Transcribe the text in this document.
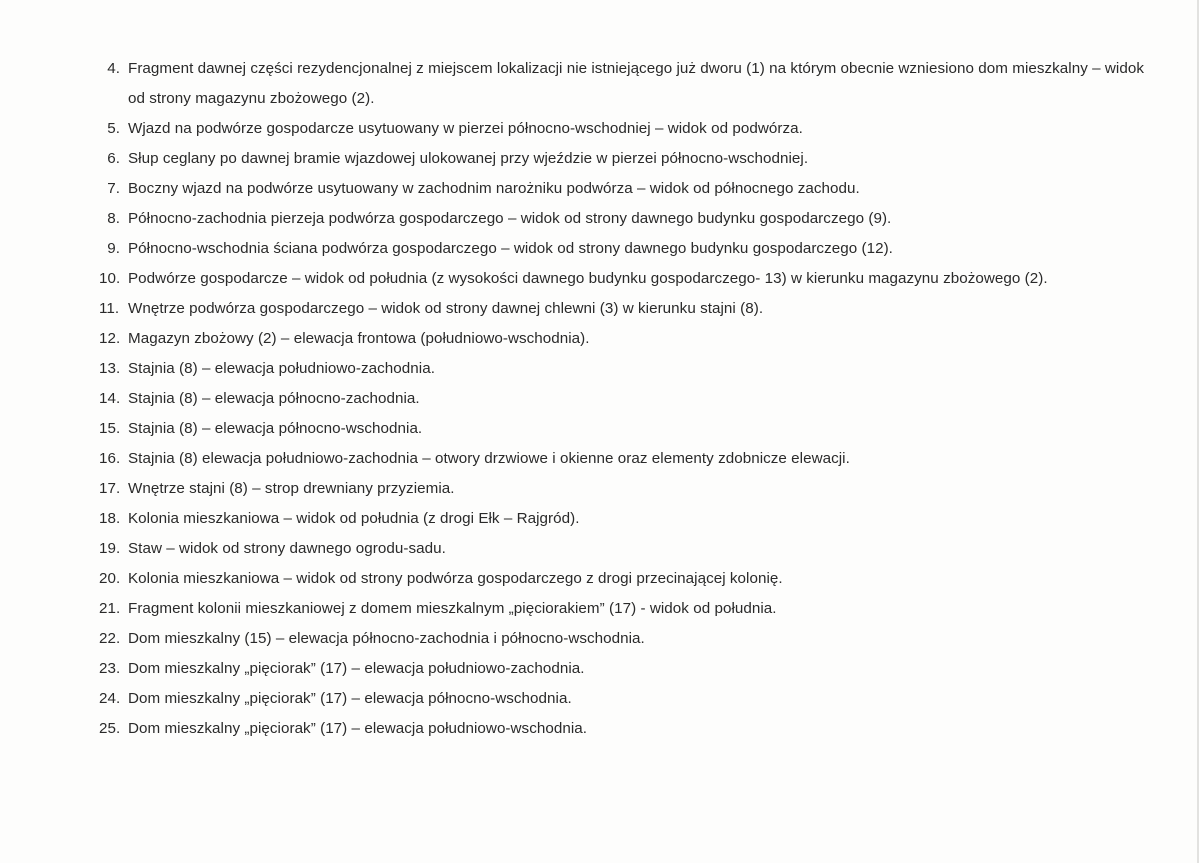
4. Fragment dawnej części rezydencjonalnej z miejscem lokalizacji nie istniejącego już dworu (1) na którym obecnie wzniesiono dom mieszkalny – widok od strony magazynu zbożowego (2).
5. Wjazd na podwórze gospodarcze usytuowany w pierzei północno-wschodniej – widok od podwórza.
6. Słup ceglany po dawnej bramie wjazdowej ulokowanej przy wjeździe w pierzei północno-wschodniej.
7. Boczny wjazd na podwórze usytuowany w zachodnim narożniku podwórza – widok od północnego zachodu.
8. Północno-zachodnia pierzeja podwórza gospodarczego – widok od strony dawnego budynku gospodarczego (9).
9. Północno-wschodnia ściana podwórza gospodarczego – widok od strony dawnego budynku gospodarczego (12).
10. Podwórze gospodarcze – widok od południa (z wysokości dawnego budynku gospodarczego- 13) w kierunku magazynu zbożowego (2).
11. Wnętrze podwórza gospodarczego – widok od strony dawnej chlewni (3) w kierunku stajni (8).
12. Magazyn zbożowy (2) – elewacja frontowa (południowo-wschodnia).
13. Stajnia (8) – elewacja południowo-zachodnia.
14. Stajnia (8) – elewacja północno-zachodnia.
15. Stajnia (8) – elewacja północno-wschodnia.
16. Stajnia (8) elewacja południowo-zachodnia – otwory drzwiowe i okienne oraz elementy zdobnicze elewacji.
17. Wnętrze stajni (8) – strop drewniany przyziemia.
18. Kolonia mieszkaniowa – widok od południa (z drogi Ełk – Rajgród).
19. Staw – widok od strony dawnego ogrodu-sadu.
20. Kolonia mieszkaniowa – widok od strony podwórza gospodarczego z drogi przecinającej kolonię.
21. Fragment kolonii mieszkaniowej z domem mieszkalnym „pięciorakiem” (17) - widok od południa.
22. Dom mieszkalny (15) – elewacja północno-zachodnia i północno-wschodnia.
23. Dom mieszkalny „pięciorak” (17) – elewacja południowo-zachodnia.
24. Dom mieszkalny „pięciorak” (17) – elewacja północno-wschodnia.
25. Dom mieszkalny „pięciorak” (17) – elewacja południowo-wschodnia.
